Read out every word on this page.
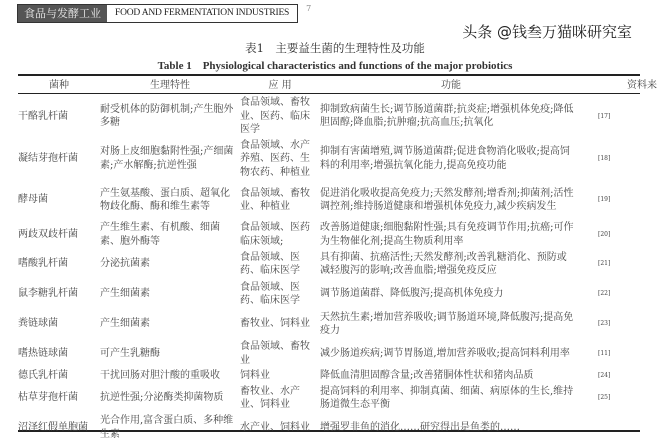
食品与发酵工业	FOOD AND FERMENTATION INDUSTRIES	7
头条 @钱叁万猫咪研究室
表1　主要益生菌的生理特性及功能
Table 1　Physiological characteristics and functions of the major probiotics
菌种	生理特性	应 用	功能	资料来
干酪乳杆菌	耐受机体的防御机制;产生胞外多糖	食品领域、畜牧业、医药、临床医学	抑制致病菌生长;调节肠道菌群;抗炎症;增强机体免疫;降低胆固醇;降血脂;抗肿瘤;抗高血压;抗氧化	[17]
凝结芽孢杆菌	对肠上皮细胞黏附性强;产细菌素;产水解酶;抗逆性强	食品领域、水产养殖、医药、生物农药、种植业	抑制有害菌增殖,调节肠道菌群;促进食物消化吸收;提高饲料的利用率;增强抗氧化能力,提高免疫功能	[18]
酵母菌	产生氨基酸、蛋白质、超氧化物歧化酶、酶和维生素等	食品领域、畜牧业、种植业	促进消化吸收提高免疫力;天然发酵剂;增香剂;抑菌剂;活性调控剂;维持肠道健康和增强机体免疫力,减少疾病发生	[19]
两歧双歧杆菌	产生维生素、有机酸、细菌素、胞外酶等	食品领域、医药临床领域;	改善肠道健康;细胞黏附性强;具有免疫调节作用;抗癌;可作为生物催化剂;提高生物质利用率	[20]
嗜酸乳杆菌	分泌抗菌素	食品领域、医药、临床医学	具有抑菌、抗癌活性;天然发酵剂;改善乳糖消化、预防或减轻腹泻的影响;改善血脂;增强免疫反应	[21]
鼠李糖乳杆菌	产生细菌素	食品领域、医药、临床医学	调节肠道菌群、降低腹泻;提高机体免疫力	[22]
粪链球菌	产生细菌素	畜牧业、饲料业	天然抗生素;增加营养吸收;调节肠道环境,降低腹泻;提高免疫力	[23]
嗜热链球菌	可产生乳糖酶	食品领域、畜牧业	减少肠道疾病;调节胃肠道,增加营养吸收;提高饲料利用率	[11]
德氏乳杆菌	干扰回肠对胆汁酸的重吸收	饲料业	降低血清胆固醇含量;改善猪胴体性状和猪肉品质	[24]
枯草芽孢杆菌	抗逆性强;分泌酶类抑菌物质	畜牧业、水产业、饲料业	提高饲料的利用率、抑制真菌、细菌、病原体的生长,维持肠道微生态平衡	[25]
沼泽红假单胞菌	光合作用,富含蛋白质、多种维生素	水产业、饲料业	增强罗非鱼的消化……研究得出是鱼类的……	
